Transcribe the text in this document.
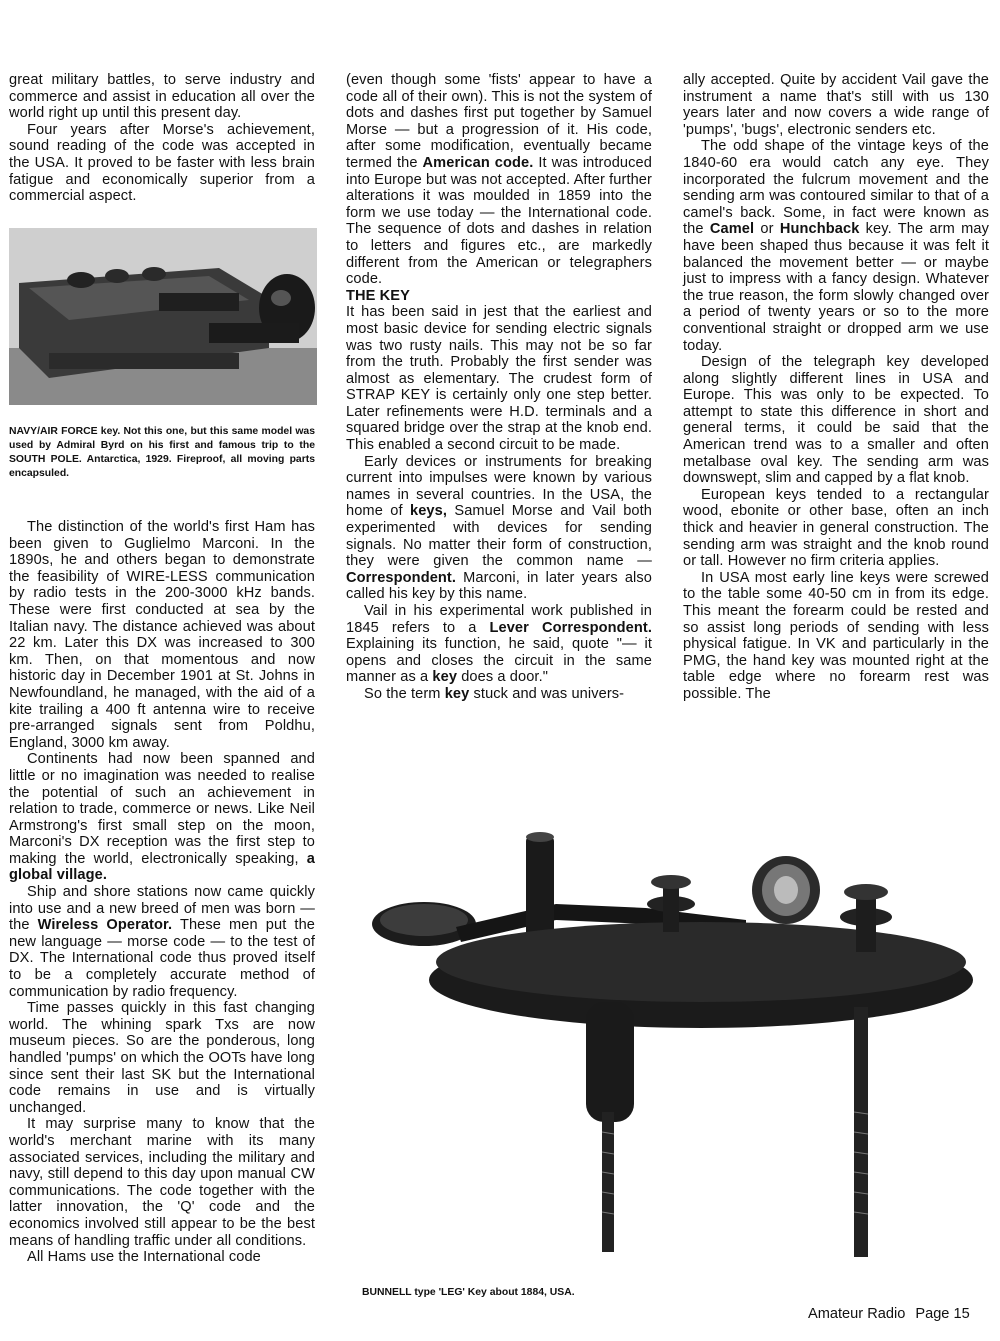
great military battles, to serve industry and commerce and assist in education all over the world right up until this present day.

Four years after Morse's achievement, sound reading of the code was accepted in the USA. It proved to be faster with less brain fatigue and economically superior from a commercial aspect.

NAVY/AIR FORCE key. Not this one, but this same model was used by Admiral Byrd on his first and famous trip to the SOUTH POLE. Antarctica, 1929. Fireproof, all moving parts encapsuled.

The distinction of the world's first Ham has been given to Guglielmo Marconi. In the 1890s, he and others began to demonstrate the feasibility of WIRE-LESS communication by radio tests in the 200-3000 kHz bands. These were first conducted at sea by the Italian navy. The distance achieved was about 22 km. Later this DX was increased to 300 km. Then, on that momentous and now historic day in December 1901 at St. Johns in Newfoundland, he managed, with the aid of a kite trailing a 400 ft antenna wire to receive pre-arranged signals sent from Poldhu, England, 3000 km away.

Continents had now been spanned and little or no imagination was needed to realise the potential of such an achievement in relation to trade, commerce or news. Like Neil Armstrong's first small step on the moon, Marconi's DX reception was the first step to making the world, electronically speaking, a global village.

Ship and shore stations now came quickly into use and a new breed of men was born — the Wireless Operator. These men put the new language — morse code — to the test of DX. The International code thus proved itself to be a completely accurate method of communication by radio frequency.

Time passes quickly in this fast changing world. The whining spark Txs are now museum pieces. So are the ponderous, long handled 'pumps' on which the OOTs have long since sent their last SK but the International code remains in use and is virtually unchanged.

It may surprise many to know that the world's merchant marine with its many associated services, including the military and navy, still depend to this day upon manual CW communications. The code together with the latter innovation, the 'Q' code and the economics involved still appear to be the best means of handling traffic under all conditions.

All Hams use the International code

(even though some 'fists' appear to have a code all of their own). This is not the system of dots and dashes first put together by Samuel Morse — but a progression of it. His code, after some modification, eventually became termed the American code. It was introduced into Europe but was not accepted. After further alterations it was moulded in 1859 into the form we use today — the International code. The sequence of dots and dashes in relation to letters and figures etc., are markedly different from the American or telegraphers code.

THE KEY

It has been said in jest that the earliest and most basic device for sending electric signals was two rusty nails. This may not be so far from the truth. Probably the first sender was almost as elementary. The crudest form of STRAP KEY is certainly only one step better. Later refinements were H.D. terminals and a squared bridge over the strap at the knob end. This enabled a second circuit to be made.

Early devices or instruments for breaking current into impulses were known by various names in several countries. In the USA, the home of keys, Samuel Morse and Vail both experimented with devices for sending signals. No matter their form of construction, they were given the common name — Correspondent. Marconi, in later years also called his key by this name.

Vail in his experimental work published in 1845 refers to a Lever Correspondent. Explaining its function, he said, quote "— it opens and closes the circuit in the same manner as a key does a door."

So the term key stuck and was univers-

ally accepted. Quite by accident Vail gave the instrument a name that's still with us 130 years later and now covers a wide range of 'pumps', 'bugs', electronic senders etc.

The odd shape of the vintage keys of the 1840-60 era would catch any eye. They incorporated the fulcrum movement and the sending arm was contoured similar to that of a camel's back. Some, in fact were known as the Camel or Hunchback key. The arm may have been shaped thus because it was felt it balanced the movement better — or maybe just to impress with a fancy design. Whatever the true reason, the form slowly changed over a period of twenty years or so to the more conventional straight or dropped arm we use today.

Design of the telegraph key developed along slightly different lines in USA and Europe. This was only to be expected. To attempt to state this difference in short and general terms, it could be said that the American trend was to a smaller and often metalbase oval key. The sending arm was downswept, slim and capped by a flat knob.

European keys tended to a rectangular wood, ebonite or other base, often an inch thick and heavier in general construction. The sending arm was straight and the knob round or tall. However no firm criteria applies.

In USA most early line keys were screwed to the table some 40-50 cm in from its edge. This meant the forearm could be rested and so assist long periods of sending with less physical fatigue. In VK and particularly in the PMG, the hand key was mounted right at the table edge where no forearm rest was possible. The

BUNNELL type 'LEG' Key about 1884, USA.
Amateur Radio Page 15
